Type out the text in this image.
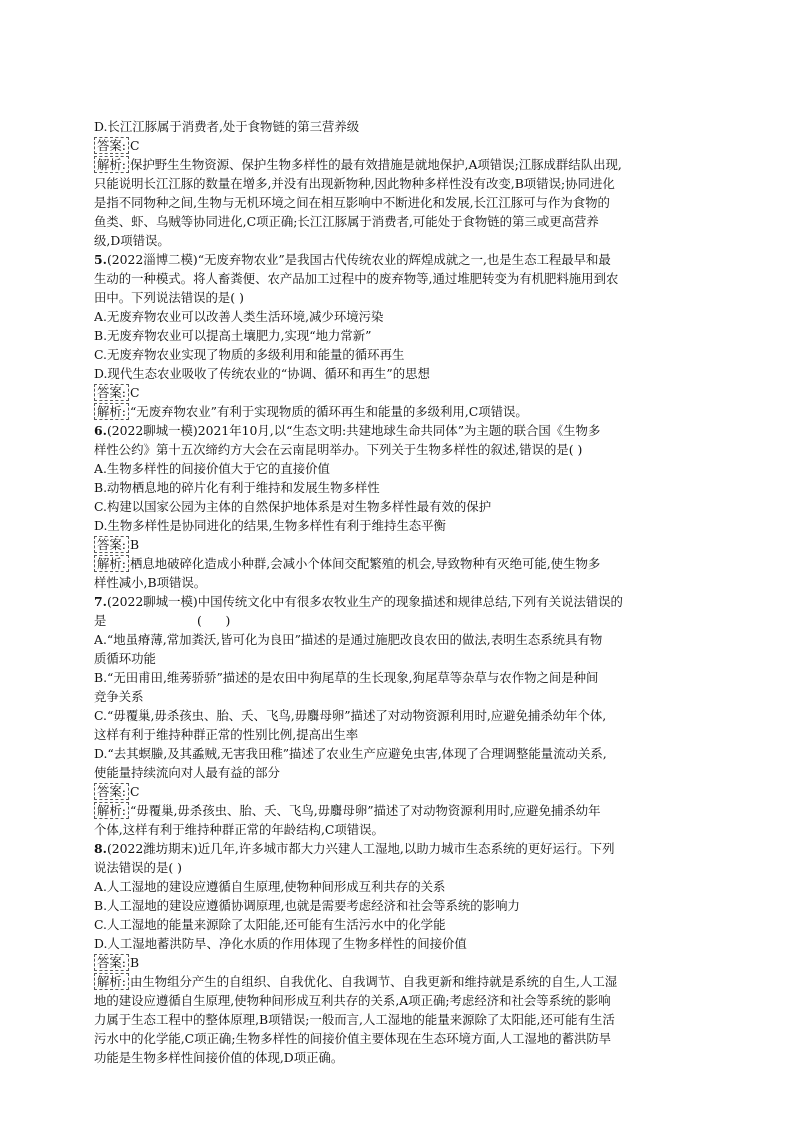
D.长江江豚属于消费者,处于食物链的第三营养级
答案: C
解析: 保护野生生物资源、保护生物多样性的最有效措施是就地保护,A项错误;江豚成群结队出现,
只能说明长江江豚的数量在增多,并没有出现新物种,因此物种多样性没有改变,B项错误;协同进化
是指不同物种之间,生物与无机环境之间在相互影响中不断进化和发展,长江江豚可与作为食物的
鱼类、虾、乌贼等协同进化,C项正确;长江江豚属于消费者,可能处于食物链的第三或更高营养
级,D项错误。
5.(2022淄博二模)“无废弃物农业”是我国古代传统农业的辉煌成就之一,也是生态工程最早和最
生动的一种模式。将人畜粪便、农产品加工过程中的废弃物等,通过堆肥转变为有机肥料施用到农
田中。下列说法错误的是( )
A.无废弃物农业可以改善人类生活环境,减少环境污染
B.无废弃物农业可以提高土壤肥力,实现“地力常新”
C.无废弃物农业实现了物质的多级利用和能量的循环再生
D.现代生态农业吸收了传统农业的“协调、循环和再生”的思想
答案: C
解析: “无废弃物农业”有利于实现物质的循环再生和能量的多级利用,C项错误。
6.(2022聊城一模)2021年10月,以“生态文明:共建地球生命共同体”为主题的联合国《生物多
样性公约》第十五次缔约方大会在云南昆明举办。下列关于生物多样性的叙述,错误的是( )
A.生物多样性的间接价值大于它的直接价值
B.动物栖息地的碎片化有利于维持和发展生物多样性
C.构建以国家公园为主体的自然保护地体系是对生物多样性最有效的保护
D.生物多样性是协同进化的结果,生物多样性有利于维持生态平衡
答案: B
解析: 栖息地破碎化造成小种群,会减小个体间交配繁殖的机会,导致物种有灭绝可能,使生物多
样性减小,B项错误。
7.(2022聊城一模)中国传统文化中有很多农牧业生产的现象描述和规律总结,下列有关说法错误的
是                       (      )
A.“地虽瘠薄,常加粪沃,皆可化为良田”描述的是通过施肥改良农田的做法,表明生态系统具有物
质循环功能
B.“无田甫田,维莠骄骄”描述的是农田中狗尾草的生长现象,狗尾草等杂草与农作物之间是种间
竞争关系
C.“毋覆巢,毋杀孩虫、胎、夭、飞鸟,毋麛母卵”描述了对动物资源利用时,应避免捕杀幼年个体,
这样有利于维持种群正常的性别比例,提高出生率
D.“去其螟螣,及其蟊贼,无害我田稚”描述了农业生产应避免虫害,体现了合理调整能量流动关系,
使能量持续流向对人最有益的部分
答案: C
解析: “毋覆巢,毋杀孩虫、胎、夭、飞鸟,毋麛母卵”描述了对动物资源利用时,应避免捕杀幼年
个体,这样有利于维持种群正常的年龄结构,C项错误。
8.(2022潍坊期末)近几年,许多城市都大力兴建人工湿地,以助力城市生态系统的更好运行。下列
说法错误的是( )
A.人工湿地的建设应遵循自生原理,使物种间形成互利共存的关系
B.人工湿地的建设应遵循协调原理,也就是需要考虑经济和社会等系统的影响力
C.人工湿地的能量来源除了太阳能,还可能有生活污水中的化学能
D.人工湿地蓄洪防旱、净化水质的作用体现了生物多样性的间接价值
答案: B
解析: 由生物组分产生的自组织、自我优化、自我调节、自我更新和维持就是系统的自生,人工湿
地的建设应遵循自生原理,使物种间形成互利共存的关系,A项正确;考虑经济和社会等系统的影响
力属于生态工程中的整体原理,B项错误;一般而言,人工湿地的能量来源除了太阳能,还可能有生活
污水中的化学能,C项正确;生物多样性的间接价值主要体现在生态环境方面,人工湿地的蓄洪防旱
功能是生物多样性间接价值的体现,D项正确。
